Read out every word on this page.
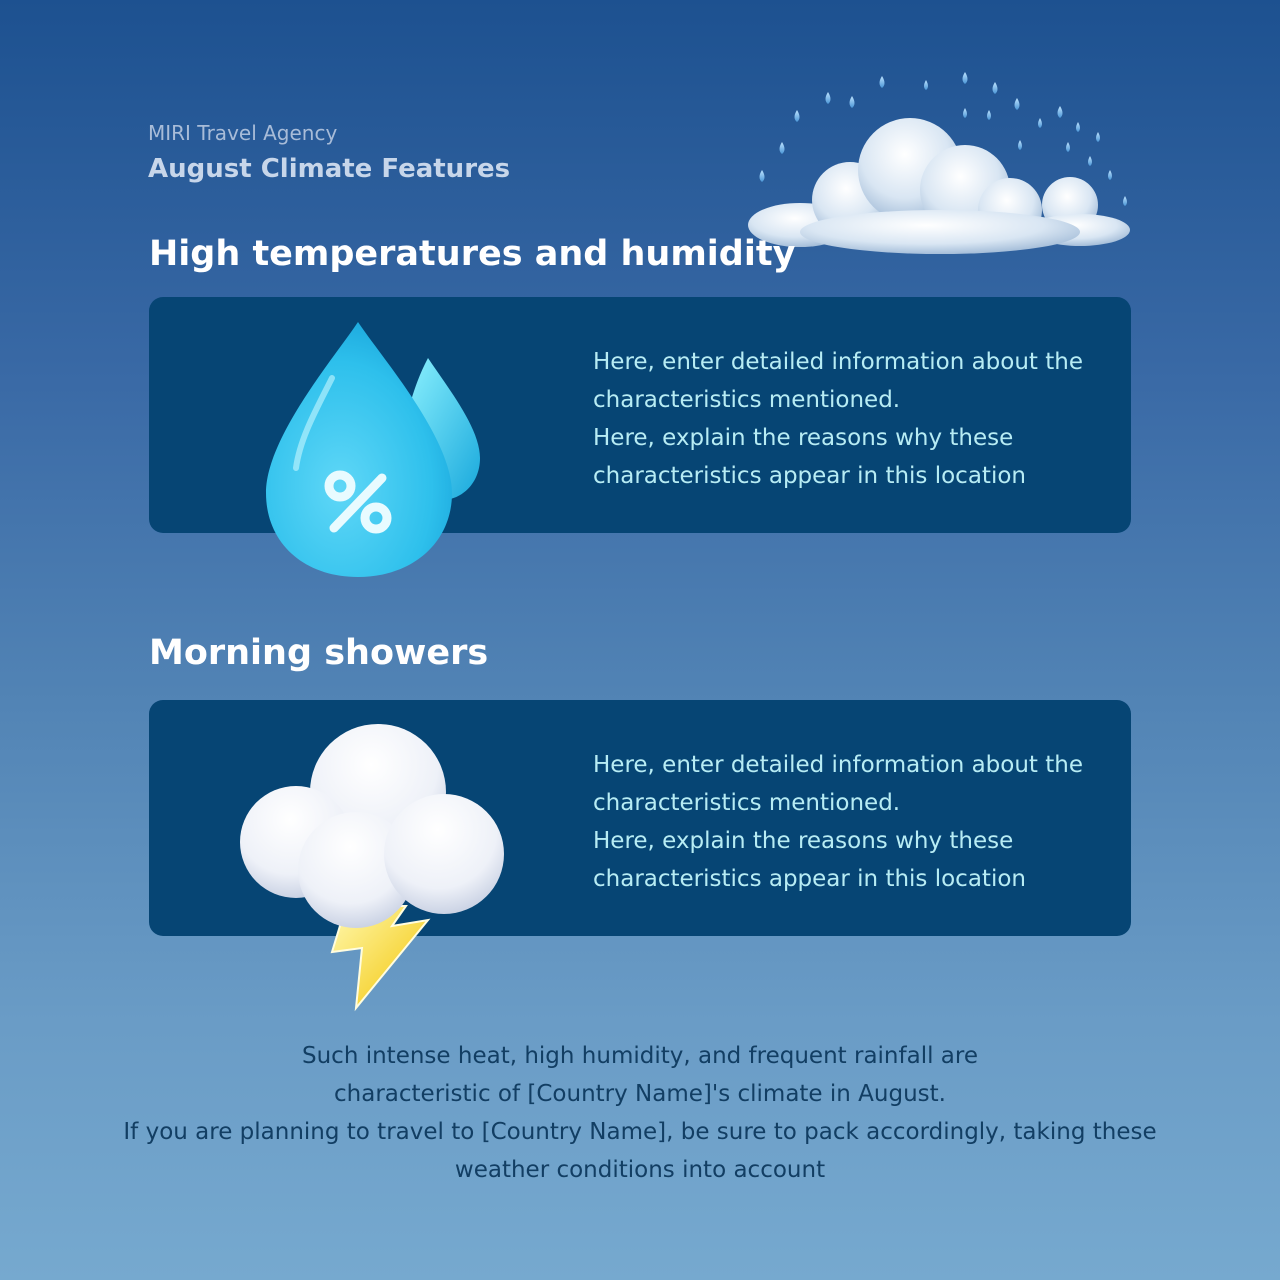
MIRI Travel Agency
August Climate Features
High temperatures and humidity
Here, enter detailed information about the
characteristics mentioned.
Here, explain the reasons why these
characteristics appear in this location
Morning showers
Here, enter detailed information about the
characteristics mentioned.
Here, explain the reasons why these
characteristics appear in this location
Such intense heat, high humidity, and frequent rainfall are
characteristic of [Country Name]'s climate in August.
If you are planning to travel to [Country Name], be sure to pack accordingly, taking these
weather conditions into account
